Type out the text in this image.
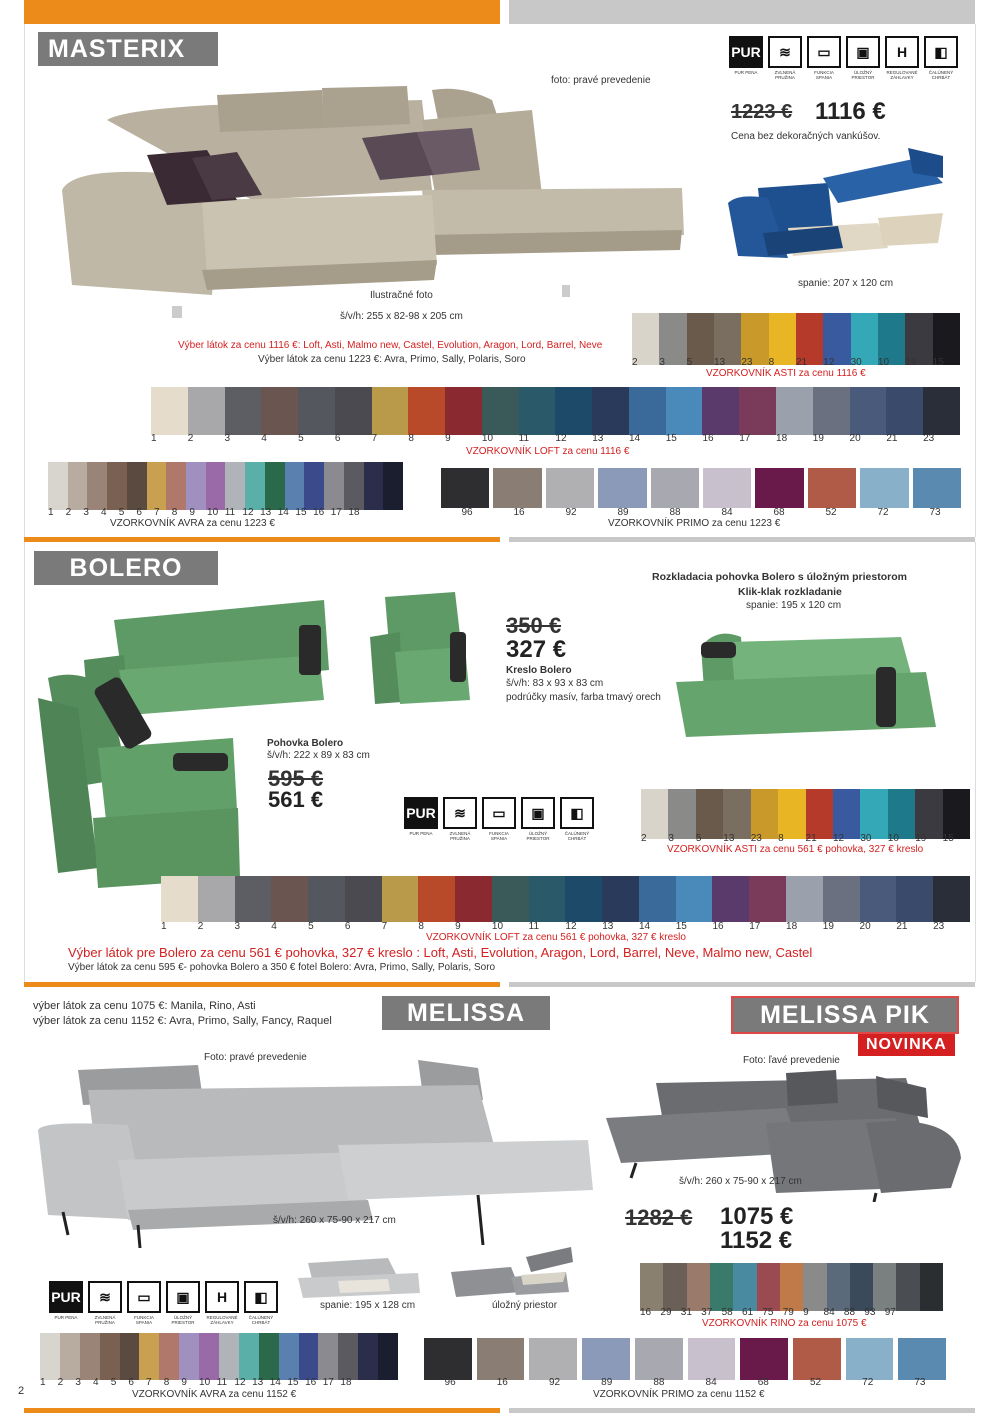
MASTERIX
foto: pravé prevedenie
PUR
PUR PENA
≋
ZVLNENÁ PRUŽINA
▭
FUNKCIA SPANIA
▣
ÚLOŽNÝ PRIESTOR
H
REGULOVANÉ ZÁHLAVKY
◧
ČALÚNENÝ CHRBÁT
1223 € 1116 €
Cena bez dekoračných vankúšov.
spanie: 207 x 120 cm
Ilustračné foto
š/v/h: 255 x 82-98 x 205 cm
Výber látok za cenu 1116 €: Loft, Asti, Malmo new, Castel, Evolution, Aragon, Lord, Barrel, Neve
Výber látok za cenu 1223 €: Avra, Primo, Sally, Polaris, Soro	2	3	5	13	23	8	21	12	30	10	19	15
VZORKOVNÍK ASTI za cenu 1116 €
1	2	3	4	5	6	7	8	9	10	11	12	13	14	15	16	17	18	19	20	21	23
VZORKOVNÍK LOFT za cenu 1116 €
1	2	3	4	5	6	7	8	9	10 11 12 13 14 15 16 17 18
VZORKOVNÍK AVRA za cenu 1223 €
96	16	92	89	88	84	68	52	72	73
VZORKOVNÍK PRIMO za cenu 1223 €
BOLERO	Rozkladacia pohovka Bolero s úložným priestorom
Klik-klak rozkladanie
spanie: 195 x 120 cm
350 €
327 €
Kreslo Bolero
š/v/h: 83 x 93 x 83 cm
podrúčky masív, farba tmavý orech
Pohovka Bolero
š/v/h: 222 x 89 x 83 cm
595 €
561 €
PUR
PUR PENA
≋
ZVLNENÁ PRUŽINA
▭
FUNKCIA SPANIA
▣
ÚLOŽNÝ PRIESTOR
◧
ČALÚNENÝ CHRBÁT	2	3	5	13	23	8	21	12	30	10	19	15
VZORKOVNÍK ASTI za cenu 561 € pohovka, 327 € kreslo
1	2	3	4	5	6	7	8	9	10	11	12	13	14	15	16	17	18	19	20	21	23
VZORKOVNÍK LOFT za cenu 561 € pohovka, 327 € kreslo
Výber látok pre Bolero za cenu 561 € pohovka, 327 € kreslo : Loft, Asti, Evolution, Aragon, Lord, Barrel, Neve, Malmo new, Castel
Výber látok za cenu 595 €- pohovka Bolero a 350 € fotel Bolero: Avra, Primo, Sally, Polaris, Soro
výber látok za cenu 1075 €: Manila, Rino, Asti
výber látok za cenu 1152 €: Avra, Primo, Sally, Fancy, Raquel	MELISSA	MELISSA PIK
NOVINKA
Foto: pravé prevedenie	Foto: ľavé prevedenie
š/v/h: 260 x 75-90 x 217 cm
š/v/h: 260 x 75-90 x 217 cm
1282 € 1075 €
1152 €
spanie: 195 x 128 cm	úložný priestor
PUR
PUR PENA
≋
ZVLNENÁ PRUŽINA
▭
FUNKCIA SPANIA
▣
ÚLOŽNÝ PRIESTOR
H
REGULOVANÉ ZÁHLAVKY
◧
ČALÚNENÝ CHRBÁT
16 29 31 37 58 61 75 79 9	84 88 93 97
VZORKOVNÍK RINO za cenu 1075 €
1	2	3	4	5	6	7	8	9	10 11 12 13 14 15 16 17 18
VZORKOVNÍK AVRA za cenu 1152 €
96	16	92	89	88	84	68	52	72	73
VZORKOVNÍK PRIMO za cenu 1152 €
2
